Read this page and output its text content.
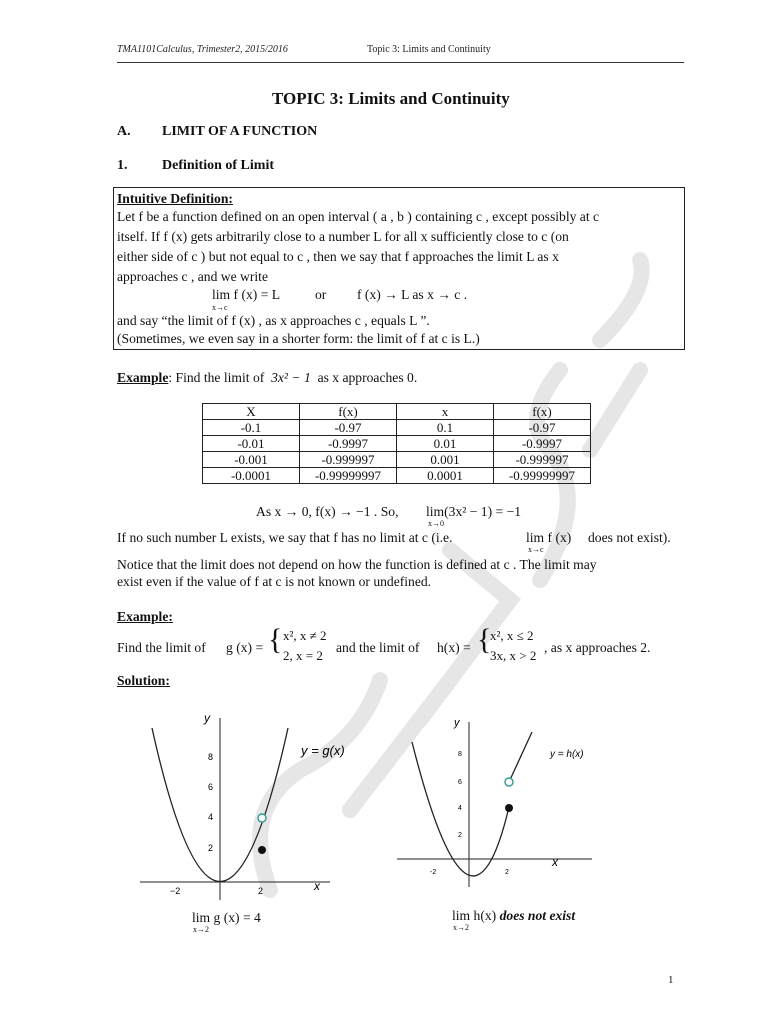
TMA1101Calculus, Trimester2, 2015/2016	Topic 3: Limits and Continuity
TOPIC 3: Limits and Continuity
A. LIMIT OF A FUNCTION
1. Definition of Limit
Intuitive Definition:
Let f be a function defined on an open interval ( a , b ) containing c , except possibly at c
itself. If f (x) gets arbitrarily close to a number L for all x sufficiently close to c (on
either side of c ) but not equal to c , then we say that f approaches the limit L as x
approaches c , and we write
lim f (x) = L
x→c
or f (x) → L as x → c .
and say “the limit of f (x) , as x approaches c , equals L ”.
(Sometimes, we even say in a shorter form: the limit of f at c is L.)
Example: Find the limit of 3x² − 1 as x approaches 0.
X	f(x)	x	f(x)
-0.1	-0.97	0.1	-0.97
-0.01	-0.9997	0.01	-0.9997
-0.001	-0.999997	0.001	-0.999997
-0.0001	-0.99999997	0.0001	-0.99999997
As x → 0, f(x) → −1 . So, lim(3x² − 1) = −1
x→0
If no such number L exists, we say that f has no limit at c (i.e.	lim f (x)
x→c
does not exist).
Notice that the limit does not depend on how the function is defined at c . The limit may
exist even if the value of f at c is not known or undefined.
Example:
Find the limit of g (x) = { x², x ≠ 2
2, x = 2
and the limit of h(x) = {
x², x ≤ 2
3x, x > 2
, as x approaches 2.
Solution:
y
x
8
6
4
2
−2	2
y = g(x)
lim g (x) = 4
x→2
y
x
8
6
4
2
-2	2
y = h(x)
lim h(x) does not exist
x→2
1
